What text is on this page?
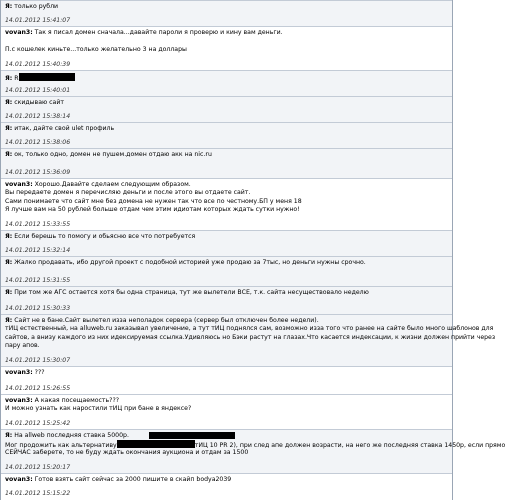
Я: только рубли
14.01.2012 15:41:07
vovan3: Так я писал домен сначала...давайте пароли я проверю и кину вам деньги.
П.с кошелек киньте...только желательно 3 на доллары
14.01.2012 15:40:39
Я: R
14.01.2012 15:40:01
Я: скидываю сайт
14.01.2012 15:38:14
Я: итак, дайте свой ulet профиль
14.01.2012 15:38:06
Я: ок, только одно, домен не пушем.домен отдаю акк на nic.ru
14.01.2012 15:36:09
vovan3: Хорошо.Давайте сделаем следующим образом.
Вы передаете домен я перечисляю деньги и после этого вы отдаете сайт.
Сами понимаете что сайт мне без домена не нужен так что все по честному.БП у меня 18
Я лучше вам на 50 рублей больше отдам чем этим идиотам которых ждать сутки нужно!
14.01.2012 15:33:55
Я: Если берешь то помогу и обьясню все что потребуется
14.01.2012 15:32:14
Я: Жалко продавать, ибо другой проект с подобной историей уже продаю за 7тыс, но деньги нужны срочно.
14.01.2012 15:31:55
Я: При том же АГС остается хотя бы одна страница, тут же вылетели ВСЕ, т.к. сайта несуществовало неделю
14.01.2012 15:30:33
Я: Сайт не в бане.Сайт вылетел изза неполадок сервера (сервер был отключен более недели).
тИЦ естественный, на alluweb.ru заказывал увеличение, а тут тИЦ поднялся сам, возможно изза того что ранее на сайте было много шаблонов для
сайтов, а внизу каждого из них идексируемая ссылка.Удивляюсь но Бэки растут на глазах.Что касается индексации, к жизни должен прийти через
пару апов.
14.01.2012 15:30:07
vovan3: ???
14.01.2012 15:26:55
vovan3: А какая посещаемость???
И можно узнать как наростили тИЦ при бане в яндексе?
14.01.2012 15:25:42
Я: На allweb последняя ставка 5000р.
Мог продожить как альтернативу	тИЦ 10 PR 2), при след апе должен возрасти, на него же последняя ставка 1450р, если прямо
СЕЙЧАС заберете, то не буду ждать окончания аукциона и отдам за 1500
14.01.2012 15:20:17
vovan3: Готов взять сайт сейчас за 2000 пишите в скайп bodya2039
14.01.2012 15:15:22
